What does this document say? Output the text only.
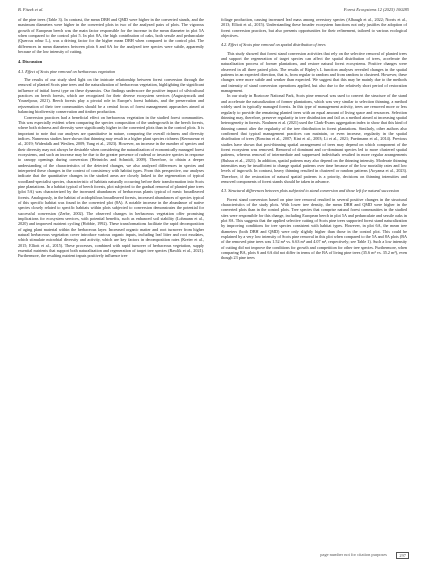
B. Fitzek et al.	Forest Ecosystems 12 (2025) 100285

of the pine trees (Table 3). In contrast, the mean DBH and QMD were higher in the converted stands, and the maximum diameters were higher in the converted plots in two of the analyzed pairs of plots. The vigorous growth of European beech was the main factor responsible for the increase in the mean diameter in plot 5A when compared to the control plot 5. In plot 8A, the high contribution of oaks, both sessile and pedunculate (Quercus robur L.), was a driving factor for the higher mean DBH when compared to the control plot. The differences in mean diameters between plots 6 and 6A for the analyzed tree species were subtle, apparently because of the low intensity of cutting.

4. Discussion
4.1. Effect of Scots pine removal on herbaceous vegetation

The results of our study shed light on the intricate relationship between forest conversion through the removal of planted Scots pine trees and the naturalization of herbaceous vegetation, highlighting the significant influence of initial forest type on these dynamics. Our findings underscore the positive impact of silvicultural practices on beech forests, which are recognized for their diverse ecosystem services (Augustynczik and Yousefpour, 2021). Beech forests play a pivotal role in Europe's forest habitats, and the preservation and rejuvenation of their tree communities should be a central focus of forest management approaches aimed at balancing biodiversity conservation and timber production.

Conversion practices had a beneficial effect on herbaceous vegetation in the studied forest communities. This was especially evident when comparing the species composition of the undergrowth in the beech forests, where both richness and diversity were significantly higher in the converted plots than in the control plots. It is important to note that our analyses are quantitative in nature, comparing the overall richness and diversity indices. Numerous studies have shown that thinning may result in a higher plant species richness (Kermavnar et al., 2019; Widenfalk and Weslien, 2009; Yang et al., 2023). However, an increase in the number of species and their diversity may not always be desirable when considering the naturalization of economically managed forest ecosystems, and such an increase may be due to the greater presence of ruderal or invasive species in response to canopy openings during conversion (Heinrichs and Schmidt, 2009). Therefore, to obtain a deeper understanding of the characteristics of the detected changes, we also analyzed differences in species and interpreted these changes in the context of consistency with habitat types. From this perspective, our analyses indicate that the quantitative changes in the studied areas are closely linked to the regeneration of typical woodland-specialist species, characteristic of habitats naturally occurring before their transformation into Scots pine plantations. In a habitat typical of beech forests, plot subjected to the gradual removal of planted pine trees (plot 5A) was characterized by the increased abundances of herbaceous plants typical of mesic broadleaved forests. Analogously, in the habitat of acidophilous broadleaved forests, increased abundances of species typical of this specific habitat was found in the converted plot (8A). A notable increase in the abundance of native species closely related to specific habitats within plots subjected to conversion demonstrates the potential for successful conversion (Zerbe, 2002). The observed changes in herbaceous vegetation offer promising implications for ecosystem services, with potential benefits, such as enhanced soil stability (Lohmann et al., 2020) and improved nutrient cycling (Hobbie, 1992). These transformations facilitate the rapid decomposition of aging plant material within the herbaceous layer. Increased organic matter and root turnover from higher natural herbaceous vegetation cover introduce various organic inputs, including leaf litter and root exudates, which stimulate microbial diversity and activity, which are key factors in decomposition rates (Kreier et al., 2015; Elliott et al., 2015). These processes, combined with rapid turnover of herbaceous vegetation, supply essential nutrients that support both naturalization and regeneration of target tree species (Rawlik et al., 2021). Furthermore, the resulting nutrient inputs positively influence tree

foliage production, causing increased leaf mass among overstory species (Albaugh et al., 2022; Norris et al., 2013; Elliott et al., 2015). Understanding these broader ecosystem functions not only justifies the adoption of forest conversion practices, but also presents opportunities for their refinement, tailored to various ecological objectives.

4.2. Effect of Scots pine removal on spatial distribution of trees

This study showed that forest stand conversion activities that rely on the selective removal of planted trees and support the regeneration of target species can affect the spatial distribution of trees, accelerate the naturalization process of former plantations, and restore natural forest ecosystems. Positive changes were observed in all three paired plots. The results of Ripley's L function analyses revealed changes in the spatial patterns in an expected direction, that is, from regular to random and from random to clustered. However, these changes were more subtle and weaker than expected. We suggest that this may be mainly due to the methods and intensity of stand conversion operations applied, but also due to the relatively short period of restoration management.

In our study in Roztocze National Park, Scots pine removal was used to convert the structure of the stand and accelerate the naturalization of former plantations, which was very similar to selection thinning, a method widely used in typically managed forests. In this type of management activity, trees are removed more or less regularly to provide the remaining planted trees with an equal amount of living space and resources. Selection thinning may, therefore, preserve regularity in tree distribution and fail as a method aimed at increasing spatial heterogeneity in forests. Nouhnen et al. (2021) used the Clark-Evans aggregation index to show that this kind of thinning cannot alter the regularity of the tree distribution in forest plantations. Similarly, other authors also confirmed that typical management practices can maintain, or even increase, regularity in the spatial distribution of trees (Boncina et al., 2007; Kint et al., 2003; Li et al., 2021; Puettmann et al., 2014). Previous studies have shown that post-thinning spatial arrangement of trees may depend on which component of the forest ecosystem was removed. Removal of dominant and co-dominant species led to more clustered spatial patterns, whereas removal of intermediate and suppressed individuals resulted in more regular arrangements (Bulusu et al., 2021). In addition, spatial patterns may also depend on the thinning intensity. Moderate thinning intensities may be insufficient to change spatial patterns over time because of the low mortality rates and low levels of ingrowth. In contrast, heavy thinning resulted in clustered or random patterns (Aoyama et al., 2023). Therefore, if the restoration of natural spatial patterns is a priority, decisions on thinning intensities and removed components of forest stands should be taken in advance.

4.3. Structural differences between plots subjected to stand conversion and those left for natural succession

Forest stand conversion based on pine tree removal resulted in several positive changes in the structural characteristics of the study plots. With lower tree density, the mean DBH and QMD were higher in the converted plots than in the control plots. Tree species that comprise natural forest communities in the studied sites were responsible for this change, including European beech in plot 5A and pedunculate and sessile oaks in plot 8A. This suggests that the applied selective cutting of Scots pine trees supported forest stand naturalization by improving conditions for tree species consistent with habitat types. However, in plot 6A, the mean tree diameters (both DBH and QMD) were only slightly higher than those in the control plot. This could be explained by a very low intensity of Scots pine removal in this plot when compared to the 5A and 8A plots (BA of the removed pine trees was 1.52 m² vs. 6.63 m² and 4.07 m², respectively; see Table 1). Such a low intensity of cutting did not improve the conditions for growth and competition for other tree species. Furthermore, when comparing BA, plots 6 and 6A did not differ in terms of the BA of living pine trees (35.6 m² vs. 35.2 m²), even though 23 pine trees

page number not for citation purposes	297
